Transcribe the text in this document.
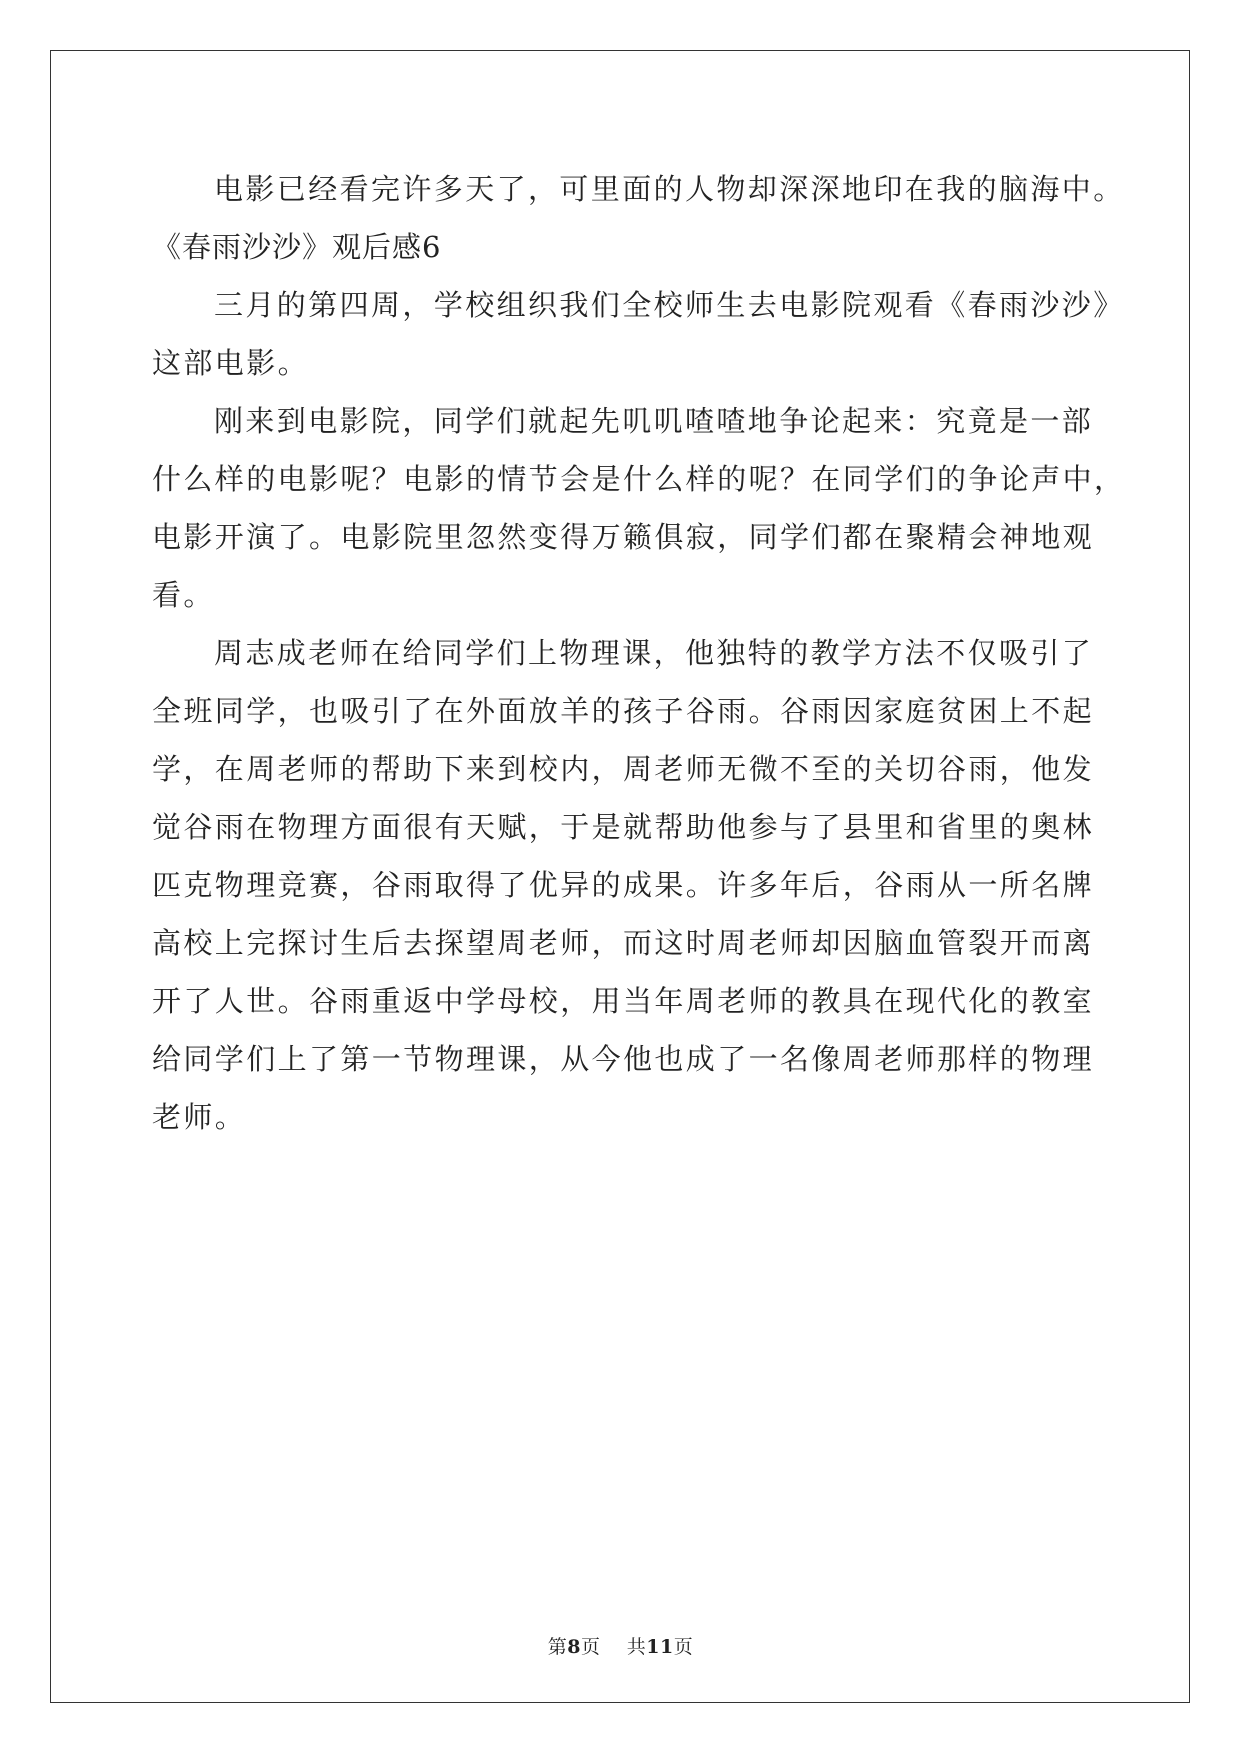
电影已经看完许多天了，可里面的人物却深深地印在我的脑海中。

《春雨沙沙》观后感6

三月的第四周，学校组织我们全校师生去电影院观看《春雨沙沙》

这部电影。

刚来到电影院，同学们就起先叽叽喳喳地争论起来：究竟是一部

什么样的电影呢？电影的情节会是什么样的呢？在同学们的争论声中，

电影开演了。电影院里忽然变得万籁俱寂，同学们都在聚精会神地观

看。

周志成老师在给同学们上物理课，他独特的教学方法不仅吸引了

全班同学，也吸引了在外面放羊的孩子谷雨。谷雨因家庭贫困上不起

学，在周老师的帮助下来到校内，周老师无微不至的关切谷雨，他发

觉谷雨在物理方面很有天赋，于是就帮助他参与了县里和省里的奥林

匹克物理竞赛，谷雨取得了优异的成果。许多年后，谷雨从一所名牌

高校上完探讨生后去探望周老师，而这时周老师却因脑血管裂开而离

开了人世。谷雨重返中学母校，用当年周老师的教具在现代化的教室

给同学们上了第一节物理课，从今他也成了一名像周老师那样的物理

老师。

第8页 共11页
